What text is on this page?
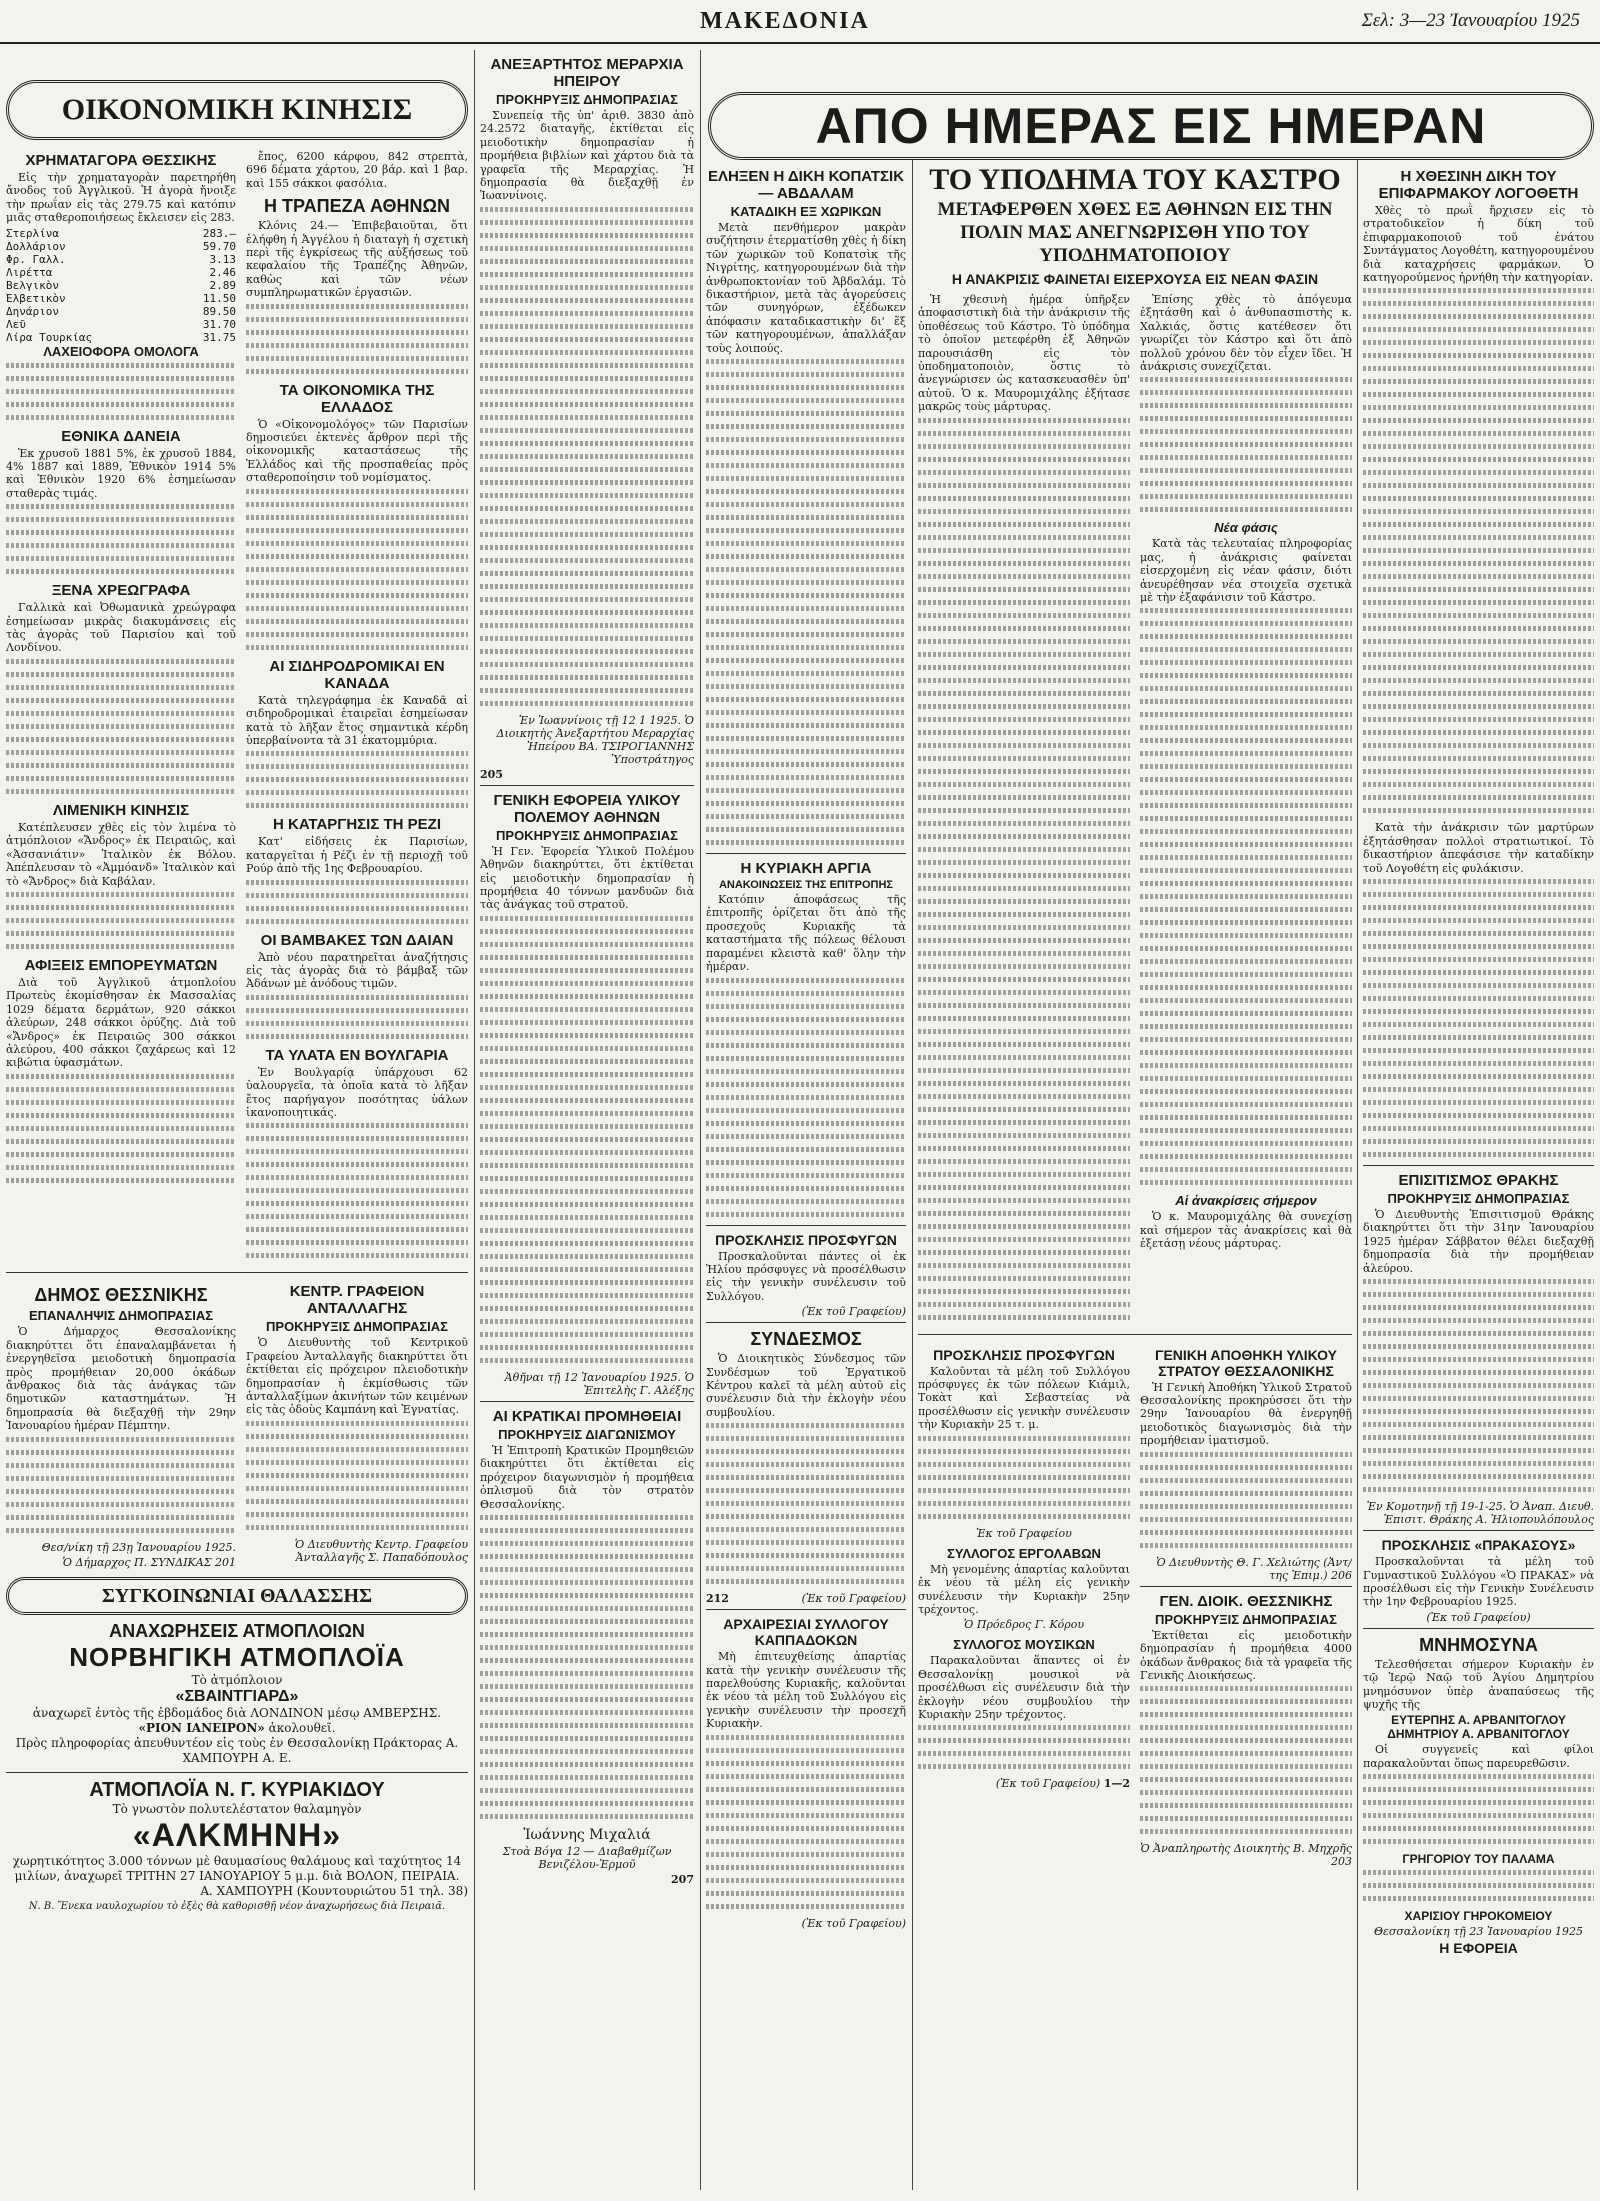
ΜΑΚΕΔΟΝΙΑ	Σελ: 3—23 Ἰανουαρίου 1925
ΑΠΟ ΗΜΕΡΑΣ ΕΙΣ ΗΜΕΡΑΝ
ΟΙΚΟΝΟΜΙΚΗ ΚΙΝΗΣΙΣ
ΧΡΗΜΑΤΑΓΟΡΑ ΘΕΣΣΙΚΗΣ
Εἰς τὴν χρηματαγορὰν παρετηρήθη ἄνοδος τοῦ Ἀγγλικοῦ. Ἡ ἀγορὰ ἤνοιξε τὴν πρωΐαν εἰς τὰς 279.75 καὶ κατόπιν μιᾶς σταθεροποιήσεως ἔκλεισεν εἰς 283.
Στερλίνα	283.—
Δολλάριον	59.70
Φρ. Γαλλ.	3.13
Λιρέττα	2.46
Βελγικὸν	2.89
Ἑλβετικὸν	11.50
Δηνάριον	89.50
Λεῦ	31.70
Λίρα Τουρκίας	31.75
ΛΑΧΕΙΟΦΟΡΑ ΟΜΟΛΟΓΑ
ΕΘΝΙΚΑ ΔΑΝΕΙΑ
Ἐκ χρυσοῦ 1881 5%, ἐκ χρυσοῦ 1884, 4% 1887 καὶ 1889, Ἐθνικὸν 1914 5% καὶ Ἐθνικὸν 1920 6% ἐσημείωσαν σταθερὰς τιμάς.
ΞΕΝΑ ΧΡΕΩΓΡΑΦΑ
Γαλλικὰ καὶ Ὀθωμανικὰ χρεώγραφα ἐσημείωσαν μικρὰς διακυμάνσεις εἰς τὰς ἀγορὰς τοῦ Παρισίου καὶ τοῦ Λονδίνου.
ΛΙΜΕΝΙΚΗ ΚΙΝΗΣΙΣ
Κατέπλευσεν χθὲς εἰς τὸν λιμένα τὸ ἀτμόπλοιον «Ἄνδρος» ἐκ Πειραιῶς, καὶ «Ἀσσανιάτιν» Ἰταλικὸν ἐκ Βόλου. Ἀπέπλευσαν τὸ «Ἀμμόανδ» Ἰταλικὸν καὶ τὸ «Ἄνδρος» διὰ Καβάλαν.
ΑΦΙΞΕΙΣ ΕΜΠΟΡΕΥΜΑΤΩΝ
Διὰ τοῦ Ἀγγλικοῦ ἀτμοπλοίου Πρωτεὺς ἐκομίσθησαν ἐκ Μασσαλίας 1029 δέματα δερμάτων, 920 σάκκοι ἀλεύρων, 248 σάκκοι ὀρύζης. Διὰ τοῦ «Ἄνδρος» ἐκ Πειραιῶς 300 σάκκοι ἀλεύρου, 400 σάκκοι ζαχάρεως καὶ 12 κιβώτια ὑφασμάτων.
ἔπος, 6200 κάρφου, 842 στρεπτὰ, 696 δέματα χάρτου, 20 βάρ. καὶ 1 βαρ. καὶ 155 σάκκοι φασόλια.
Η ΤΡΑΠΕΖΑ ΑΘΗΝΩΝ
Κλόνις 24.— Ἐπιβεβαιοῦται, ὅτι ἐλήφθη ἡ Ἀγγέλου ἡ διαταγὴ ἡ σχετικὴ περὶ τῆς ἐγκρίσεως τῆς αὐξήσεως τοῦ κεφαλαίου τῆς Τραπέζης Ἀθηνῶν, καθὼς καὶ τῶν νέων συμπληρωματικῶν ἐργασιῶν.
ΤΑ ΟΙΚΟΝΟΜΙΚΑ ΤΗΣ ΕΛΛΑΔΟΣ
Ὁ «Οἰκονομολόγος» τῶν Παρισίων δημοσιεύει ἐκτενὲς ἄρθρον περὶ τῆς οἰκονομικῆς καταστάσεως τῆς Ἑλλάδος καὶ τῆς προσπαθείας πρὸς σταθεροποίησιν τοῦ νομίσματος.
ΑΙ ΣΙΔΗΡΟΔΡΟΜΙΚΑΙ ΕΝ ΚΑΝΑΔΑ
Κατὰ τηλεγράφημα ἐκ Καναδᾶ αἱ σιδηροδρομικαὶ ἑταιρεῖαι ἐσημείωσαν κατὰ τὸ λῆξαν ἔτος σημαντικὰ κέρδη ὑπερβαίνοντα τὰ 31 ἑκατομμύρια.
Η ΚΑΤΑΡΓΗΣΙΣ ΤΗ ΡΕΖΙ
Κατ' εἰδήσεις ἐκ Παρισίων, καταργεῖται ἡ Ρέζι ἐν τῇ περιοχῇ τοῦ Ρούρ ἀπὸ τῆς 1ης Φεβρουαρίου.
ΟΙ ΒΑΜΒΑΚΕΣ ΤΩΝ ΔΑΙΑΝ
Ἀπὸ νέου παρατηρεῖται ἀναζήτησις εἰς τὰς ἀγορὰς διὰ τὸ βάμβαξ τῶν Ἀδάνων μὲ ἀνόδους τιμῶν.
ΤΑ ΥΛΑΤΑ ΕΝ ΒΟΥΛΓΑΡΙΑ
Ἐν Βουλγαρίᾳ ὑπάρχουσι 62 ὑαλουργεῖα, τὰ ὁποῖα κατὰ τὸ λῆξαν ἔτος παρήγαγον ποσότητας ὑάλων ἱκανοποιητικάς.
ΔΗΜΟΣ ΘΕΣΣΝΙΚΗΣ
ΕΠΑΝΑΛΗΨΙΣ ΔΗΜΟΠΡΑΣΙΑΣ
Ὁ Δήμαρχος Θεσσαλονίκης διακηρύττει ὅτι ἐπαναλαμβάνεται ἡ ἐνεργηθεῖσα μειοδοτικὴ δημοπρασία πρὸς προμήθειαν 20,000 ὀκάδων ἄνθρακος διὰ τὰς ἀνάγκας τῶν δημοτικῶν καταστημάτων. Ἡ δημοπρασία θὰ διεξαχθῇ τὴν 29ην Ἰανουαρίου ἡμέραν Πέμπτην.
Θεσ/νίκη τῇ 23ῃ Ἰανουαρίου 1925.
Ὁ Δήμαρχος Π. ΣΥΝΔΙΚΑΣ 201
ΚΕΝΤΡ. ΓΡΑΦΕΙΟΝ ΑΝΤΑΛΛΑΓΗΣ
ΠΡΟΚΗΡΥΞΙΣ ΔΗΜΟΠΡΑΣΙΑΣ
Ὁ Διευθυντὴς τοῦ Κεντρικοῦ Γραφείου Ἀνταλλαγῆς διακηρύττει ὅτι ἐκτίθεται εἰς πρόχειρον πλειοδοτικὴν δημοπρασίαν ἡ ἐκμίσθωσις τῶν ἀνταλλαξίμων ἀκινήτων τῶν κειμένων εἰς τὰς ὁδοὺς Καμπάνη καὶ Ἐγνατίας.
Ὁ Διευθυντὴς Κεντρ. Γραφείου Ἀνταλλαγῆς Σ. Παπαδόπουλος
ΣΥΓΚΟΙΝΩΝΙΑΙ ΘΑΛΑΣΣΗΣ
ΑΝΑΧΩΡΗΣΕΙΣ ΑΤΜΟΠΛΟΙΩΝ
ΝΟΡΒΗΓΙΚΗ ΑΤΜΟΠΛΟΪΑ
Τὸ ἀτμόπλοιον
«ΣΒΑΙΝΤΓΙΑΡΔ»
ἀναχωρεῖ ἐντὸς τῆς ἑβδομάδος διὰ ΛΟΝΔΙΝΟΝ μέσῳ ΑΜΒΕΡΣΗΣ.
«ΡΙΟΝ ΙΑΝΕΙΡΟΝ» ἀκολουθεῖ.
Πρὸς πληροφορίας ἀπευθυντέον εἰς τοὺς ἐν Θεσσαλονίκῃ Πράκτορας Α. ΧΑΜΠΟΥΡΗ Α. Ε.
ΑΤΜΟΠΛΟΪΑ Ν. Γ. ΚΥΡΙΑΚΙΔΟΥ
Τὸ γνωστὸν πολυτελέστατον θαλαμηγὸν
«ΑΛΚΜΗΝΗ»
χωρητικότητος 3.000 τόννων μὲ θαυμασίους θαλάμους καὶ ταχύτητος 14 μιλίων, ἀναχωρεῖ ΤΡΙΤΗΝ 27 ΙΑΝΟΥΑΡΙΟΥ 5 μ.μ. διὰ ΒΟΛΟΝ, ΠΕΙΡΑΙΑ.
Α. ΧΑΜΠΟΥΡΗ (Κουντουριώτου 51 τηλ. 38)
Ν. Β. Ἕνεκα ναυλοχωρίου τὸ ἐξὲς θὰ καθορισθῇ νέον ἀναχωρήσεως διὰ Πειραιᾶ.
ΑΝΕΞΑΡΤΗΤΟΣ ΜΕΡΑΡΧΙΑ ΗΠΕΙΡΟΥ
ΠΡΟΚΗΡΥΞΙΣ ΔΗΜΟΠΡΑΣΙΑΣ
Συνεπείᾳ τῆς ὑπ' ἀριθ. 3830 ἀπὸ 24.2572 διαταγῆς, ἐκτίθεται εἰς μειοδοτικὴν δημοπρασίαν ἡ προμήθεια βιβλίων καὶ χάρτου διὰ τὰ γραφεῖα τῆς Μεραρχίας. Ἡ δημοπρασία θὰ διεξαχθῇ ἐν Ἰωαννίνοις.
Ἐν Ἰωαννίνοις τῇ 12 1 1925. Ὁ Διοικητὴς Ἀνεξαρτήτου Μεραρχίας Ἠπείρου ΒΑ. ΤΣΙΡΟΓΙΑΝΝΗΣ Ὑποστράτηγος
205
ΓΕΝΙΚΗ ΕΦΟΡΕΙΑ ΥΛΙΚΟΥ ΠΟΛΕΜΟΥ ΑΘΗΝΩΝ
ΠΡΟΚΗΡΥΞΙΣ ΔΗΜΟΠΡΑΣΙΑΣ
Ἡ Γεν. Ἐφορεία Ὑλικοῦ Πολέμου Ἀθηνῶν διακηρύττει, ὅτι ἐκτίθεται εἰς μειοδοτικὴν δημοπρασίαν ἡ προμήθεια 40 τόννων μανδυῶν διὰ τὰς ἀνάγκας τοῦ στρατοῦ.
Ἀθῆναι τῇ 12 Ἰανουαρίου 1925. Ὁ Ἐπιτελὴς Γ. Αλέξης
ΑΙ ΚΡΑΤΙΚΑΙ ΠΡΟΜΗΘΕΙΑΙ
ΠΡΟΚΗΡΥΞΙΣ ΔΙΑΓΩΝΙΣΜΟΥ
Ἡ Ἐπιτροπὴ Κρατικῶν Προμηθειῶν διακηρύττει ὅτι ἐκτίθεται εἰς πρόχειρον διαγωνισμὸν ἡ προμήθεια ὀπλισμοῦ διὰ τὸν στρατὸν Θεσσαλονίκης.
Ἰωάννης Μιχαλιά
Στοὰ Βόγα 12 — Διαβαθμίζων Βενιζέλου-Ἑρμοῦ
207
ΕΛΗΞΕΝ Η ΔΙΚΗ ΚΟΠΑΤΣΙΚ — ΑΒΔΑΛΑΜ
ΚΑΤΑΔΙΚΗ ΕΞ ΧΩΡΙΚΩΝ
Μετὰ πενθήμερον μακρὰν συζήτησιν ἐτερματίσθη χθὲς ἡ δίκη τῶν χωρικῶν τοῦ Κοπατσὶκ τῆς Νιγρίτης, κατηγορουμένων διὰ τὴν ἀνθρωποκτονίαν τοῦ Ἀβδαλάμ. Τὸ δικαστήριον, μετὰ τὰς ἀγορεύσεις τῶν συνηγόρων, ἐξέδωκεν ἀπόφασιν καταδικαστικὴν δι' ἕξ τῶν κατηγορουμένων, ἀπαλλάξαν τοὺς λοιπούς.
Η ΚΥΡΙΑΚΗ ΑΡΓΙΑ
ΑΝΑΚΟΙΝΩΣΕΙΣ ΤΗΣ ΕΠΙΤΡΟΠΗΣ
Κατόπιν ἀποφάσεως τῆς ἐπιτροπῆς ὁρίζεται ὅτι ἀπὸ τῆς προσεχοῦς Κυριακῆς τὰ καταστήματα τῆς πόλεως θέλουσι παραμένει κλειστὰ καθ' ὅλην τὴν ἡμέραν.
ΠΡΟΣΚΛΗΣΙΣ ΠΡΟΣΦΥΓΩΝ
Προσκαλοῦνται πάντες οἱ ἐκ Ἠλίου πρόσφυγες νὰ προσέλθωσιν εἰς τὴν γενικὴν συνέλευσιν τοῦ Συλλόγου.
(Ἐκ τοῦ Γραφείου)
ΣΥΝΔΕΣΜΟΣ
Ὁ Διοικητικὸς Σύνδεσμος τῶν Συνδέσμων τοῦ Ἐργατικοῦ Κέντρου καλεῖ τὰ μέλη αὐτοῦ εἰς συνέλευσιν διὰ τὴν ἐκλογὴν νέου συμβουλίου.
212	(Ἐκ τοῦ Γραφείου)
ΑΡΧΑΙΡΕΣΙΑΙ ΣΥΛΛΟΓΟΥ ΚΑΠΠΑΔΟΚΩΝ
Μὴ ἐπιτευχθείσης ἀπαρτίας κατὰ τὴν γενικὴν συνέλευσιν τῆς παρελθούσης Κυριακῆς, καλοῦνται ἐκ νέου τὰ μέλη τοῦ Συλλόγου εἰς γενικὴν συνέλευσιν τὴν προσεχῆ Κυριακὴν.
(Ἐκ τοῦ Γραφείου)
ΤΟ ΥΠΟΔΗΜΑ ΤΟΥ ΚΑΣΤΡΟ
ΜΕΤΑΦΕΡΘΕΝ ΧΘΕΣ ΕΞ ΑΘΗΝΩΝ ΕΙΣ ΤΗΝ ΠΟΛΙΝ ΜΑΣ ΑΝΕΓΝΩΡΙΣΘΗ ΥΠΟ ΤΟΥ ΥΠΟΔΗΜΑΤΟΠΟΙΟΥ
Η ΑΝΑΚΡΙΣΙΣ ΦΑΙΝΕΤΑΙ ΕΙΣΕΡΧΟΥΣΑ ΕΙΣ ΝΕΑΝ ΦΑΣΙΝ
Ἡ χθεσινὴ ἡμέρα ὑπῆρξεν ἀποφασιστικὴ διὰ τὴν ἀνάκρισιν τῆς ὑποθέσεως τοῦ Κάστρο. Τὸ ὑπόδημα τὸ ὁποῖον μετεφέρθη ἐξ Ἀθηνῶν παρουσιάσθη εἰς τὸν ὑποδηματοποιὸν, ὅστις τὸ ἀνεγνώρισεν ὡς κατασκευασθὲν ὑπ' αὐτοῦ. Ὁ κ. Μαυρομιχάλης ἐξήτασε μακρῶς τοὺς μάρτυρας.
Ἐπίσης χθὲς τὸ ἀπόγευμα ἐξητάσθη καὶ ὁ ἀνθυπασπιστὴς κ. Χαλκιάς, ὅστις κατέθεσεν ὅτι γνωρίζει τὸν Κάστρο καὶ ὅτι ἀπὸ πολλοῦ χρόνου δὲν τὸν εἶχεν ἴδει. Ἡ ἀνάκρισις συνεχίζεται.
Νέα φάσις
Κατὰ τὰς τελευταίας πληροφορίας μας, ἡ ἀνάκρισις φαίνεται εἰσερχομένη εἰς νέαν φάσιν, διότι ἀνευρέθησαν νέα στοιχεῖα σχετικὰ μὲ τὴν ἐξαφάνισιν τοῦ Κάστρο.
Αἱ ἀνακρίσεις σήμερον
Ὁ κ. Μαυρομιχάλης θὰ συνεχίσῃ καὶ σήμερον τὰς ἀνακρίσεις καὶ θὰ ἐξετάσῃ νέους μάρτυρας.
ΠΡΟΣΚΛΗΣΙΣ ΠΡΟΣΦΥΓΩΝ
Καλοῦνται τὰ μέλη τοῦ Συλλόγου πρόσφυγες ἐκ τῶν πόλεων Κιάμιλ, Τοκὰτ καὶ Σεβαστείας νὰ προσέλθωσιν εἰς γενικὴν συνέλευσιν τὴν Κυριακὴν 25 τ. μ.
Ἐκ τοῦ Γραφείου
ΣΥΛΛΟΓΟΣ ΕΡΓΟΛΑΒΩΝ
Μὴ γενομένης ἀπαρτίας καλοῦνται ἐκ νέου τὰ μέλη εἰς γενικὴν συνέλευσιν τὴν Κυριακὴν 25ην τρέχοντος.
Ὁ Πρόεδρος Γ. Κόρου
ΣΥΛΛΟΓΟΣ ΜΟΥΣΙΚΩΝ
Παρακαλοῦνται ἅπαντες οἱ ἐν Θεσσαλονίκῃ μουσικοὶ νὰ προσέλθωσι εἰς συνέλευσιν διὰ τὴν ἐκλογὴν νέου συμβουλίου τὴν Κυριακὴν 25ην τρέχοντος.
(Ἐκ τοῦ Γραφείου) 1—2
ΓΕΝΙΚΗ ΑΠΟΘΗΚΗ ΥΛΙΚΟΥ ΣΤΡΑΤΟΥ ΘΕΣΣΑΛΟΝΙΚΗΣ
Ἡ Γενικὴ Ἀποθήκη Ὑλικοῦ Στρατοῦ Θεσσαλονίκης προκηρύσσει ὅτι τὴν 29ην Ἰανουαρίου θὰ ἐνεργηθῇ μειοδοτικὸς διαγωνισμὸς διὰ τὴν προμήθειαν ἱματισμοῦ.
Ὁ Διευθυντὴς Θ. Γ. Χελιώτης (Ἀντ/της Ἐπιμ.) 206
ΓΕΝ. ΔΙΟΙΚ. ΘΕΣΣΝΙΚΗΣ
ΠΡΟΚΗΡΥΞΙΣ ΔΗΜΟΠΡΑΣΙΑΣ
Ἐκτίθεται εἰς μειοδοτικὴν δημοπρασίαν ἡ προμήθεια 4000 ὀκάδων ἄνθρακος διὰ τὰ γραφεῖα τῆς Γενικῆς Διοικήσεως.
Ὁ Ἀναπληρωτὴς Διοικητὴς Β. Μηχρῆς 203
Η ΧΘΕΣΙΝΗ ΔΙΚΗ ΤΟΥ ΕΠΙΦΑΡΜΑΚΟΥ ΛΟΓΟΘΕΤΗ
Χθὲς τὸ πρωῒ ἤρχισεν εἰς τὸ στρατοδικεῖον ἡ δίκη τοῦ ἐπιφαρμακοποιοῦ τοῦ ἐνάτου Συντάγματος Λογοθέτη, κατηγορουμένου διὰ καταχρήσεις φαρμάκων. Ὁ κατηγορούμενος ἠρνήθη τὴν κατηγορίαν.
Κατὰ τὴν ἀνάκρισιν τῶν μαρτύρων ἐξητάσθησαν πολλοὶ στρατιωτικοί. Τὸ δικαστήριον ἀπεφάσισε τὴν καταδίκην τοῦ Λογοθέτη εἰς φυλάκισιν.
ΕΠΙΣΙΤΙΣΜΟΣ ΘΡΑΚΗΣ
ΠΡΟΚΗΡΥΞΙΣ ΔΗΜΟΠΡΑΣΙΑΣ
Ὁ Διευθυντὴς Ἐπισιτισμοῦ Θράκης διακηρύττει ὅτι τὴν 31ην Ἰανουαρίου 1925 ἡμέραν Σάββατον θέλει διεξαχθῇ δημοπρασία διὰ τὴν προμήθειαν ἀλεύρου.
Ἐν Κομοτηνῇ τῇ 19-1-25. Ὁ Ἀναπ. Διευθ. Ἐπισιτ. Θράκης Α. Ἡλιοπουλόπουλος
ΠΡΟΣΚΛΗΣΙΣ «ΠΡΑΚΑΣΟΥΣ»
Προσκαλοῦνται τὰ μέλη τοῦ Γυμναστικοῦ Συλλόγου «Ὁ ΠΡΑΚΑΣ» νὰ προσέλθωσι εἰς τὴν Γενικὴν Συνέλευσιν τὴν 1ην Φεβρουαρίου 1925.
(Ἐκ τοῦ Γραφείου)
ΜΝΗΜΟΣΥΝΑ
Τελεσθήσεται σήμερον Κυριακὴν ἐν τῷ Ἱερῷ Ναῷ τοῦ Ἁγίου Δημητρίου μνημόσυνον ὑπὲρ ἀναπαύσεως τῆς ψυχῆς τῆς
ΕΥΤΕΡΠΗΣ Α. ΑΡΒΑΝΙΤΟΓΛΟΥ
ΔΗΜΗΤΡΙΟΥ Α. ΑΡΒΑΝΙΤΟΓΛΟΥ
Οἱ συγγενεῖς καὶ φίλοι παρακαλοῦνται ὅπως παρευρεθῶσιν.
ΓΡΗΓΟΡΙΟΥ ΤΟΥ ΠΑΛΑΜΑ
ΧΑΡΙΣΙΟΥ ΓΗΡΟΚΟΜΕΙΟΥ
Θεσσαλονίκη τῇ 23 Ἰανουαρίου 1925
Η ΕΦΟΡΕΙΑ
